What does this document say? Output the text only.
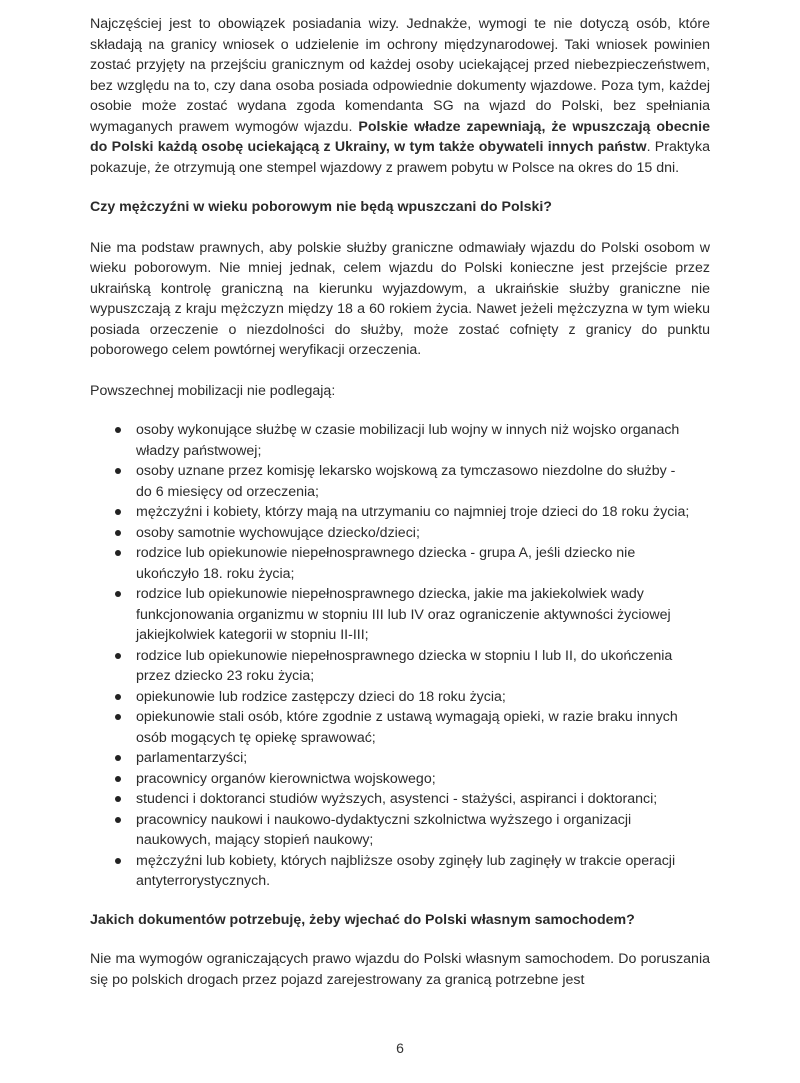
Najczęściej jest to obowiązek posiadania wizy. Jednakże, wymogi te nie dotyczą osób, które składają na granicy wniosek o udzielenie im ochrony międzynarodowej. Taki wniosek powinien zostać przyjęty na przejściu granicznym od każdej osoby uciekającej przed niebezpieczeństwem, bez względu na to, czy dana osoba posiada odpowiednie dokumenty wjazdowe. Poza tym, każdej osobie może zostać wydana zgoda komendanta SG na wjazd do Polski, bez spełniania wymaganych prawem wymogów wjazdu. Polskie władze zapewniają, że wpuszczają obecnie do Polski każdą osobę uciekającą z Ukrainy, w tym także obywateli innych państw. Praktyka pokazuje, że otrzymują one stempel wjazdowy z prawem pobytu w Polsce na okres do 15 dni.

Czy mężczyźni w wieku poborowym nie będą wpuszczani do Polski?

Nie ma podstaw prawnych, aby polskie służby graniczne odmawiały wjazdu do Polski osobom w wieku poborowym. Nie mniej jednak, celem wjazdu do Polski konieczne jest przejście przez ukraińską kontrolę graniczną na kierunku wyjazdowym, a ukraińskie służby graniczne nie wypuszczają z kraju mężczyzn między 18 a 60 rokiem życia. Nawet jeżeli mężczyzna w tym wieku posiada orzeczenie o niezdolności do służby, może zostać cofnięty z granicy do punktu poborowego celem powtórnej weryfikacji orzeczenia.

Powszechnej mobilizacji nie podlegają:

osoby wykonujące służbę w czasie mobilizacji lub wojny w innych niż wojsko organach władzy państwowej;
osoby uznane przez komisję lekarsko wojskową za tymczasowo niezdolne do służby - do 6 miesięcy od orzeczenia;
mężczyźni i kobiety, którzy mają na utrzymaniu co najmniej troje dzieci do 18 roku życia;
osoby samotnie wychowujące dziecko/dzieci;
rodzice lub opiekunowie niepełnosprawnego dziecka - grupa A, jeśli dziecko nie ukończyło 18. roku życia;
rodzice lub opiekunowie niepełnosprawnego dziecka, jakie ma jakiekolwiek wady funkcjonowania organizmu w stopniu III lub IV oraz ograniczenie aktywności życiowej jakiejkolwiek kategorii w stopniu II-III;
rodzice lub opiekunowie niepełnosprawnego dziecka w stopniu I lub II, do ukończenia przez dziecko 23 roku życia;
opiekunowie lub rodzice zastępczy dzieci do 18 roku życia;
opiekunowie stali osób, które zgodnie z ustawą wymagają opieki, w razie braku innych osób mogących tę opiekę sprawować;
parlamentarzyści;
pracownicy organów kierownictwa wojskowego;
studenci i doktoranci studiów wyższych, asystenci - stażyści, aspiranci i doktoranci;
pracownicy naukowi i naukowo-dydaktyczni szkolnictwa wyższego i organizacji naukowych, mający stopień naukowy;
mężczyźni lub kobiety, których najbliższe osoby zginęły lub zaginęły w trakcie operacji antyterrorystycznych.

Jakich dokumentów potrzebuję, żeby wjechać do Polski własnym samochodem?

Nie ma wymogów ograniczających prawo wjazdu do Polski własnym samochodem. Do poruszania się po polskich drogach przez pojazd zarejestrowany za granicą potrzebne jest

6
